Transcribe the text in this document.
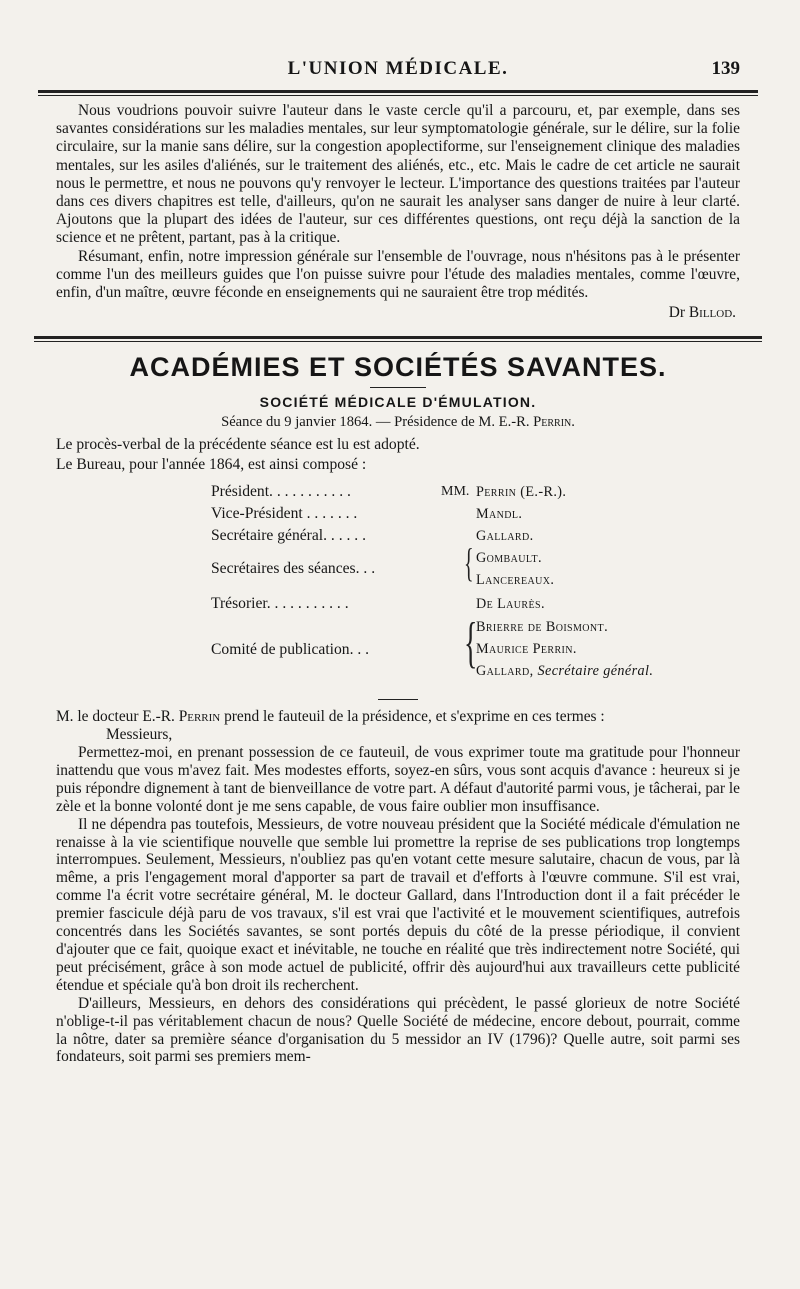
L'UNION MÉDICALE.	139

Nous voudrions pouvoir suivre l'auteur dans le vaste cercle qu'il a parcouru, et, par exemple, dans ses savantes considérations sur les maladies mentales, sur leur symptomatologie générale, sur le délire, sur la folie circulaire, sur la manie sans délire, sur la congestion apoplectiforme, sur l'enseignement clinique des maladies mentales, sur les asiles d'aliénés, sur le traitement des aliénés, etc., etc. Mais le cadre de cet article ne saurait nous le permettre, et nous ne pouvons qu'y renvoyer le lecteur. L'importance des questions traitées par l'auteur dans ces divers chapitres est telle, d'ailleurs, qu'on ne saurait les analyser sans danger de nuire à leur clarté. Ajoutons que la plupart des idées de l'auteur, sur ces différentes questions, ont reçu déjà la sanction de la science et ne prêtent, partant, pas à la critique.

Résumant, enfin, notre impression générale sur l'ensemble de l'ouvrage, nous n'hésitons pas à le présenter comme l'un des meilleurs guides que l'on puisse suivre pour l'étude des maladies mentales, comme l'œuvre, enfin, d'un maître, œuvre féconde en enseignements qui ne sauraient être trop médités.

Dr Billod.
ACADÉMIES ET SOCIÉTÉS SAVANTES.
SOCIÉTÉ MÉDICALE D'ÉMULATION.
Séance du 9 janvier 1864. — Présidence de M. E.-R. Perrin.
Le procès-verbal de la précédente séance est lu est adopté.
Le Bureau, pour l'année 1864, est ainsi composé :
Président. . . . . . . . . . .	MM. Perrin (E.-R.).
Vice-Président . . . . . . .	Mandl.
Secrétaire général. . . . . .	Gallard.
Secrétaires des séances. . . { Gombault.
Lancereaux.
Trésorier. . . . . . . . . . .	De Laurès.
Comité de publication. . . {
Brierre de Boismont.
Maurice Perrin.
Gallard, Secrétaire général.

M. le docteur E.-R. Perrin prend le fauteuil de la présidence, et s'exprime en ces termes :

Messieurs,

Permettez-moi, en prenant possession de ce fauteuil, de vous exprimer toute ma gratitude pour l'honneur inattendu que vous m'avez fait. Mes modestes efforts, soyez-en sûrs, vous sont acquis d'avance : heureux si je puis répondre dignement à tant de bienveillance de votre part. A défaut d'autorité parmi vous, je tâcherai, par le zèle et la bonne volonté dont je me sens capable, de vous faire oublier mon insuffisance.

Il ne dépendra pas toutefois, Messieurs, de votre nouveau président que la Société médicale d'émulation ne renaisse à la vie scientifique nouvelle que semble lui promettre la reprise de ses publications trop longtemps interrompues. Seulement, Messieurs, n'oubliez pas qu'en votant cette mesure salutaire, chacun de vous, par là même, a pris l'engagement moral d'apporter sa part de travail et d'efforts à l'œuvre commune. S'il est vrai, comme l'a écrit votre secrétaire général, M. le docteur Gallard, dans l'Introduction dont il a fait précéder le premier fascicule déjà paru de vos travaux, s'il est vrai que l'activité et le mouvement scientifiques, autrefois concentrés dans les Sociétés savantes, se sont portés depuis du côté de la presse périodique, il convient d'ajouter que ce fait, quoique exact et inévitable, ne touche en réalité que très indirectement notre Société, qui peut précisément, grâce à son mode actuel de publicité, offrir dès aujourd'hui aux travailleurs cette publicité étendue et spéciale qu'à bon droit ils recherchent.

D'ailleurs, Messieurs, en dehors des considérations qui précèdent, le passé glorieux de notre Société n'oblige-t-il pas véritablement chacun de nous? Quelle Société de médecine, encore debout, pourrait, comme la nôtre, dater sa première séance d'organisation du 5 messidor an IV (1796)? Quelle autre, soit parmi ses fondateurs, soit parmi ses premiers mem-
